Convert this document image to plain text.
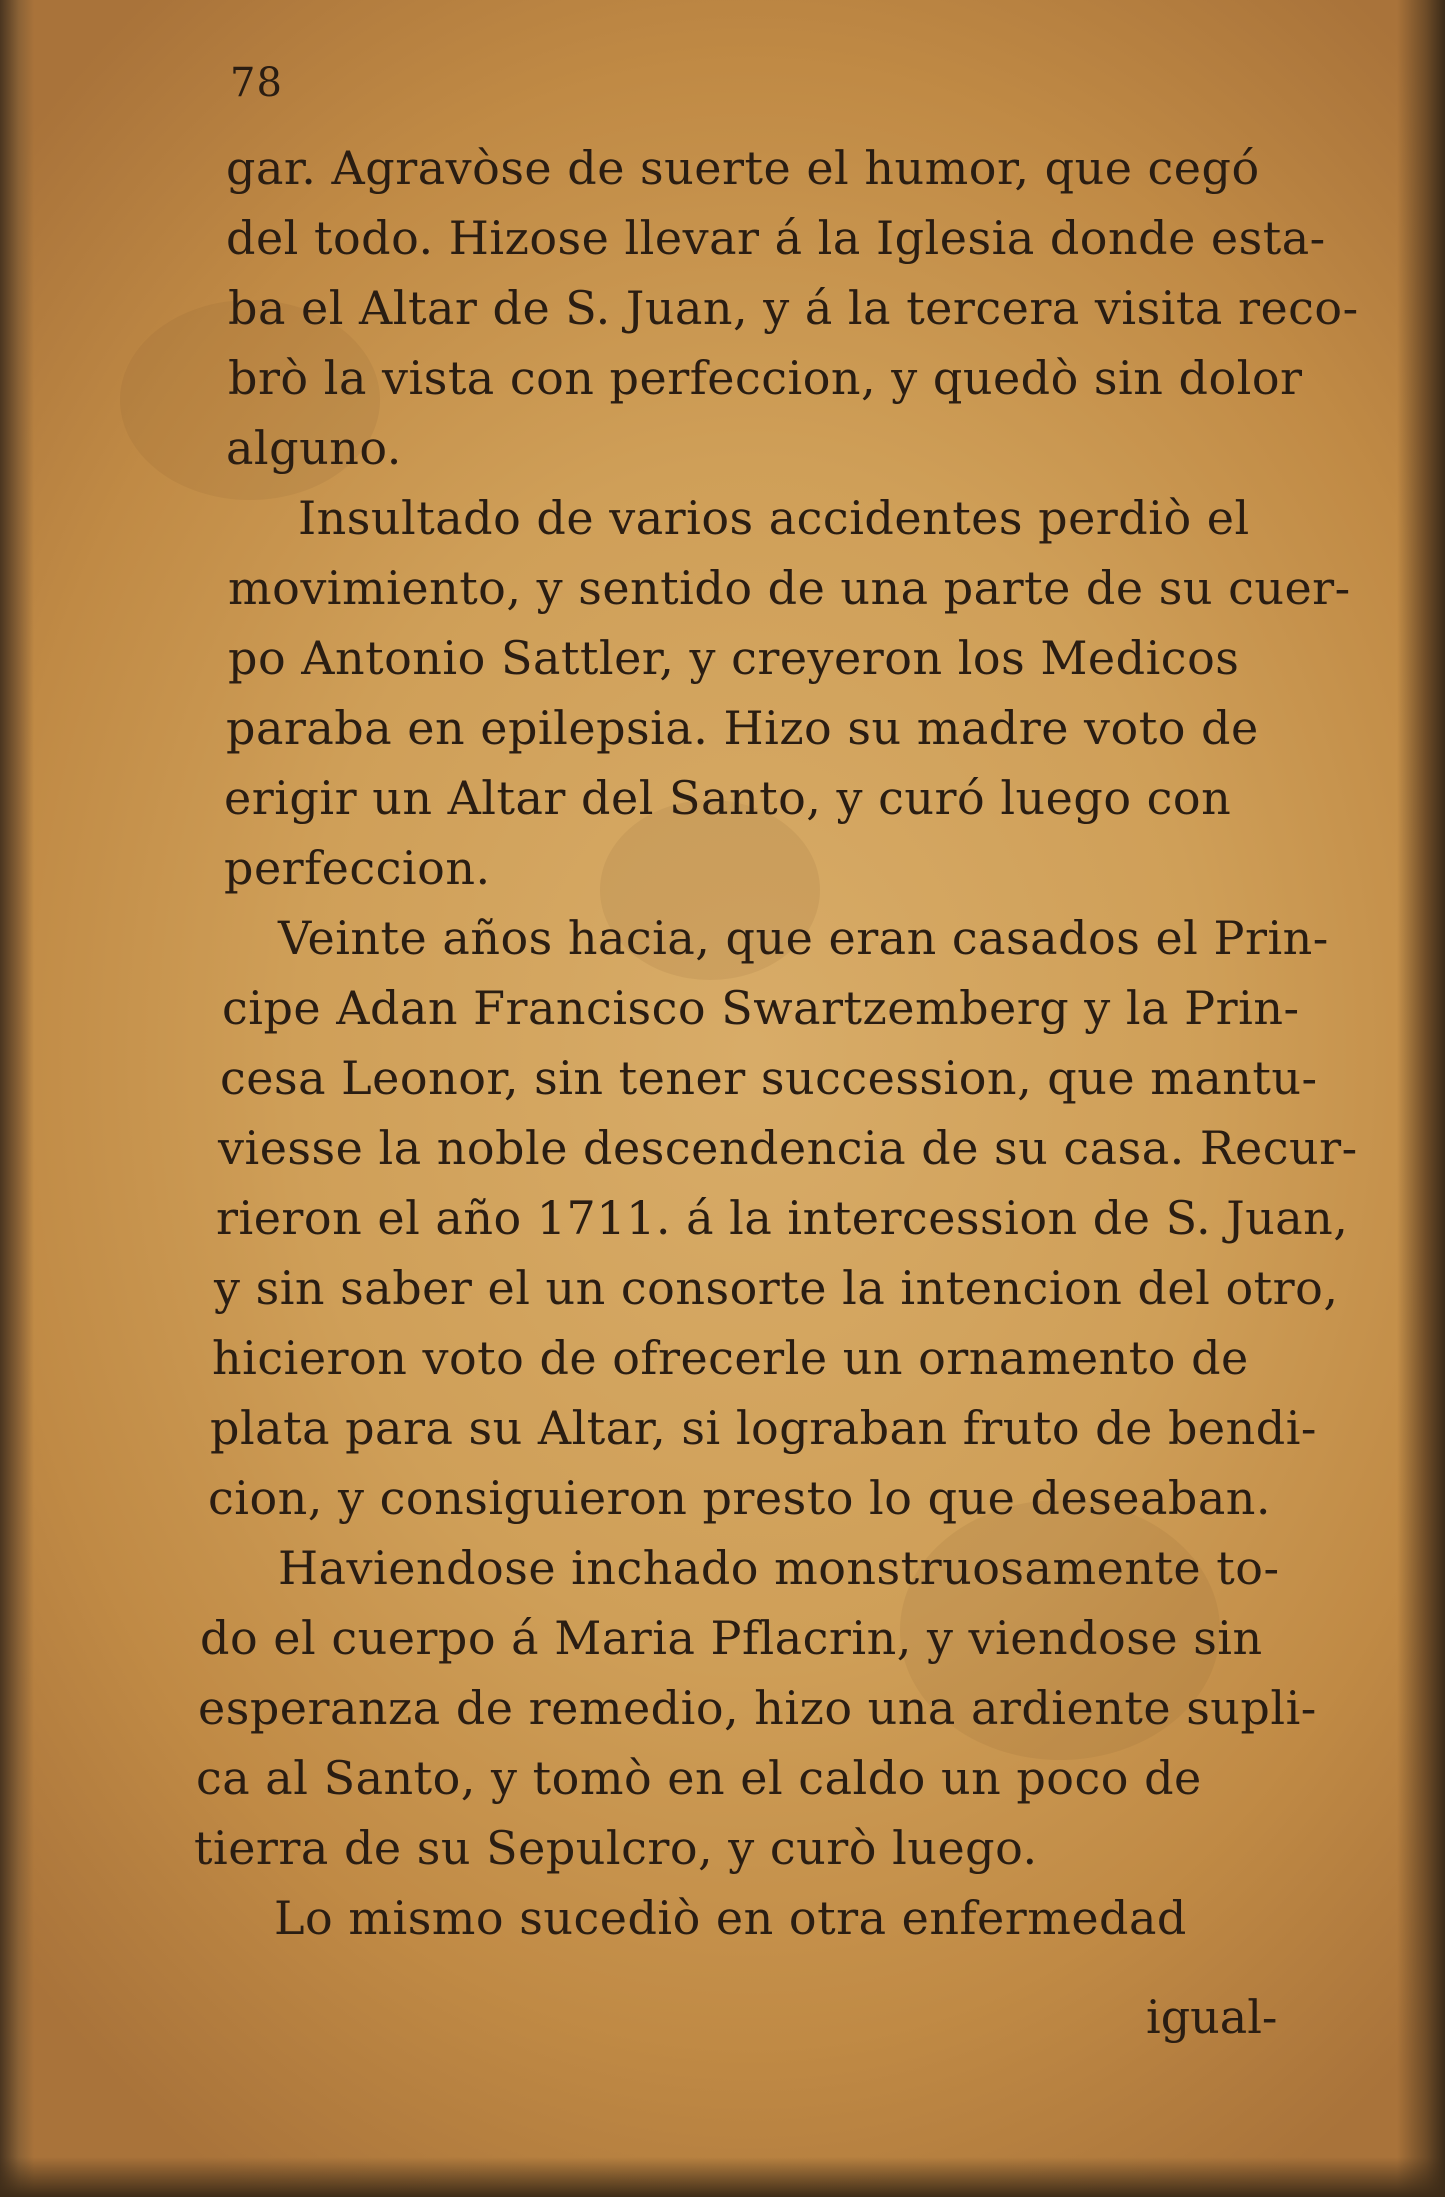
78
gar. Agravòse de suerte el humor, que cegó
del todo. Hizose llevar á la Iglesia donde esta-
ba el Altar de S. Juan, y á la tercera visita reco-
brò la vista con perfeccion, y quedò sin dolor
alguno.
Insultado de varios accidentes perdiò el
movimiento, y sentido de una parte de su cuer-
po Antonio Sattler, y creyeron los Medicos
paraba en epilepsia. Hizo su madre voto de
erigir un Altar del Santo, y curó luego con
perfeccion.
Veinte años hacia, que eran casados el Prin-
cipe Adan Francisco Swartzemberg y la Prin-
cesa Leonor, sin tener succession, que mantu-
viesse la noble descendencia de su casa. Recur-
rieron el año 1711. á la intercession de S. Juan,
y sin saber el un consorte la intencion del otro,
hicieron voto de ofrecerle un ornamento de
plata para su Altar, si lograban fruto de bendi-
cion, y consiguieron presto lo que deseaban.
Haviendose inchado monstruosamente to-
do el cuerpo á Maria Pflacrin, y viendose sin
esperanza de remedio, hizo una ardiente supli-
ca al Santo, y tomò en el caldo un poco de
tierra de su Sepulcro, y curò luego.
Lo mismo sucediò en otra enfermedad
igual-
